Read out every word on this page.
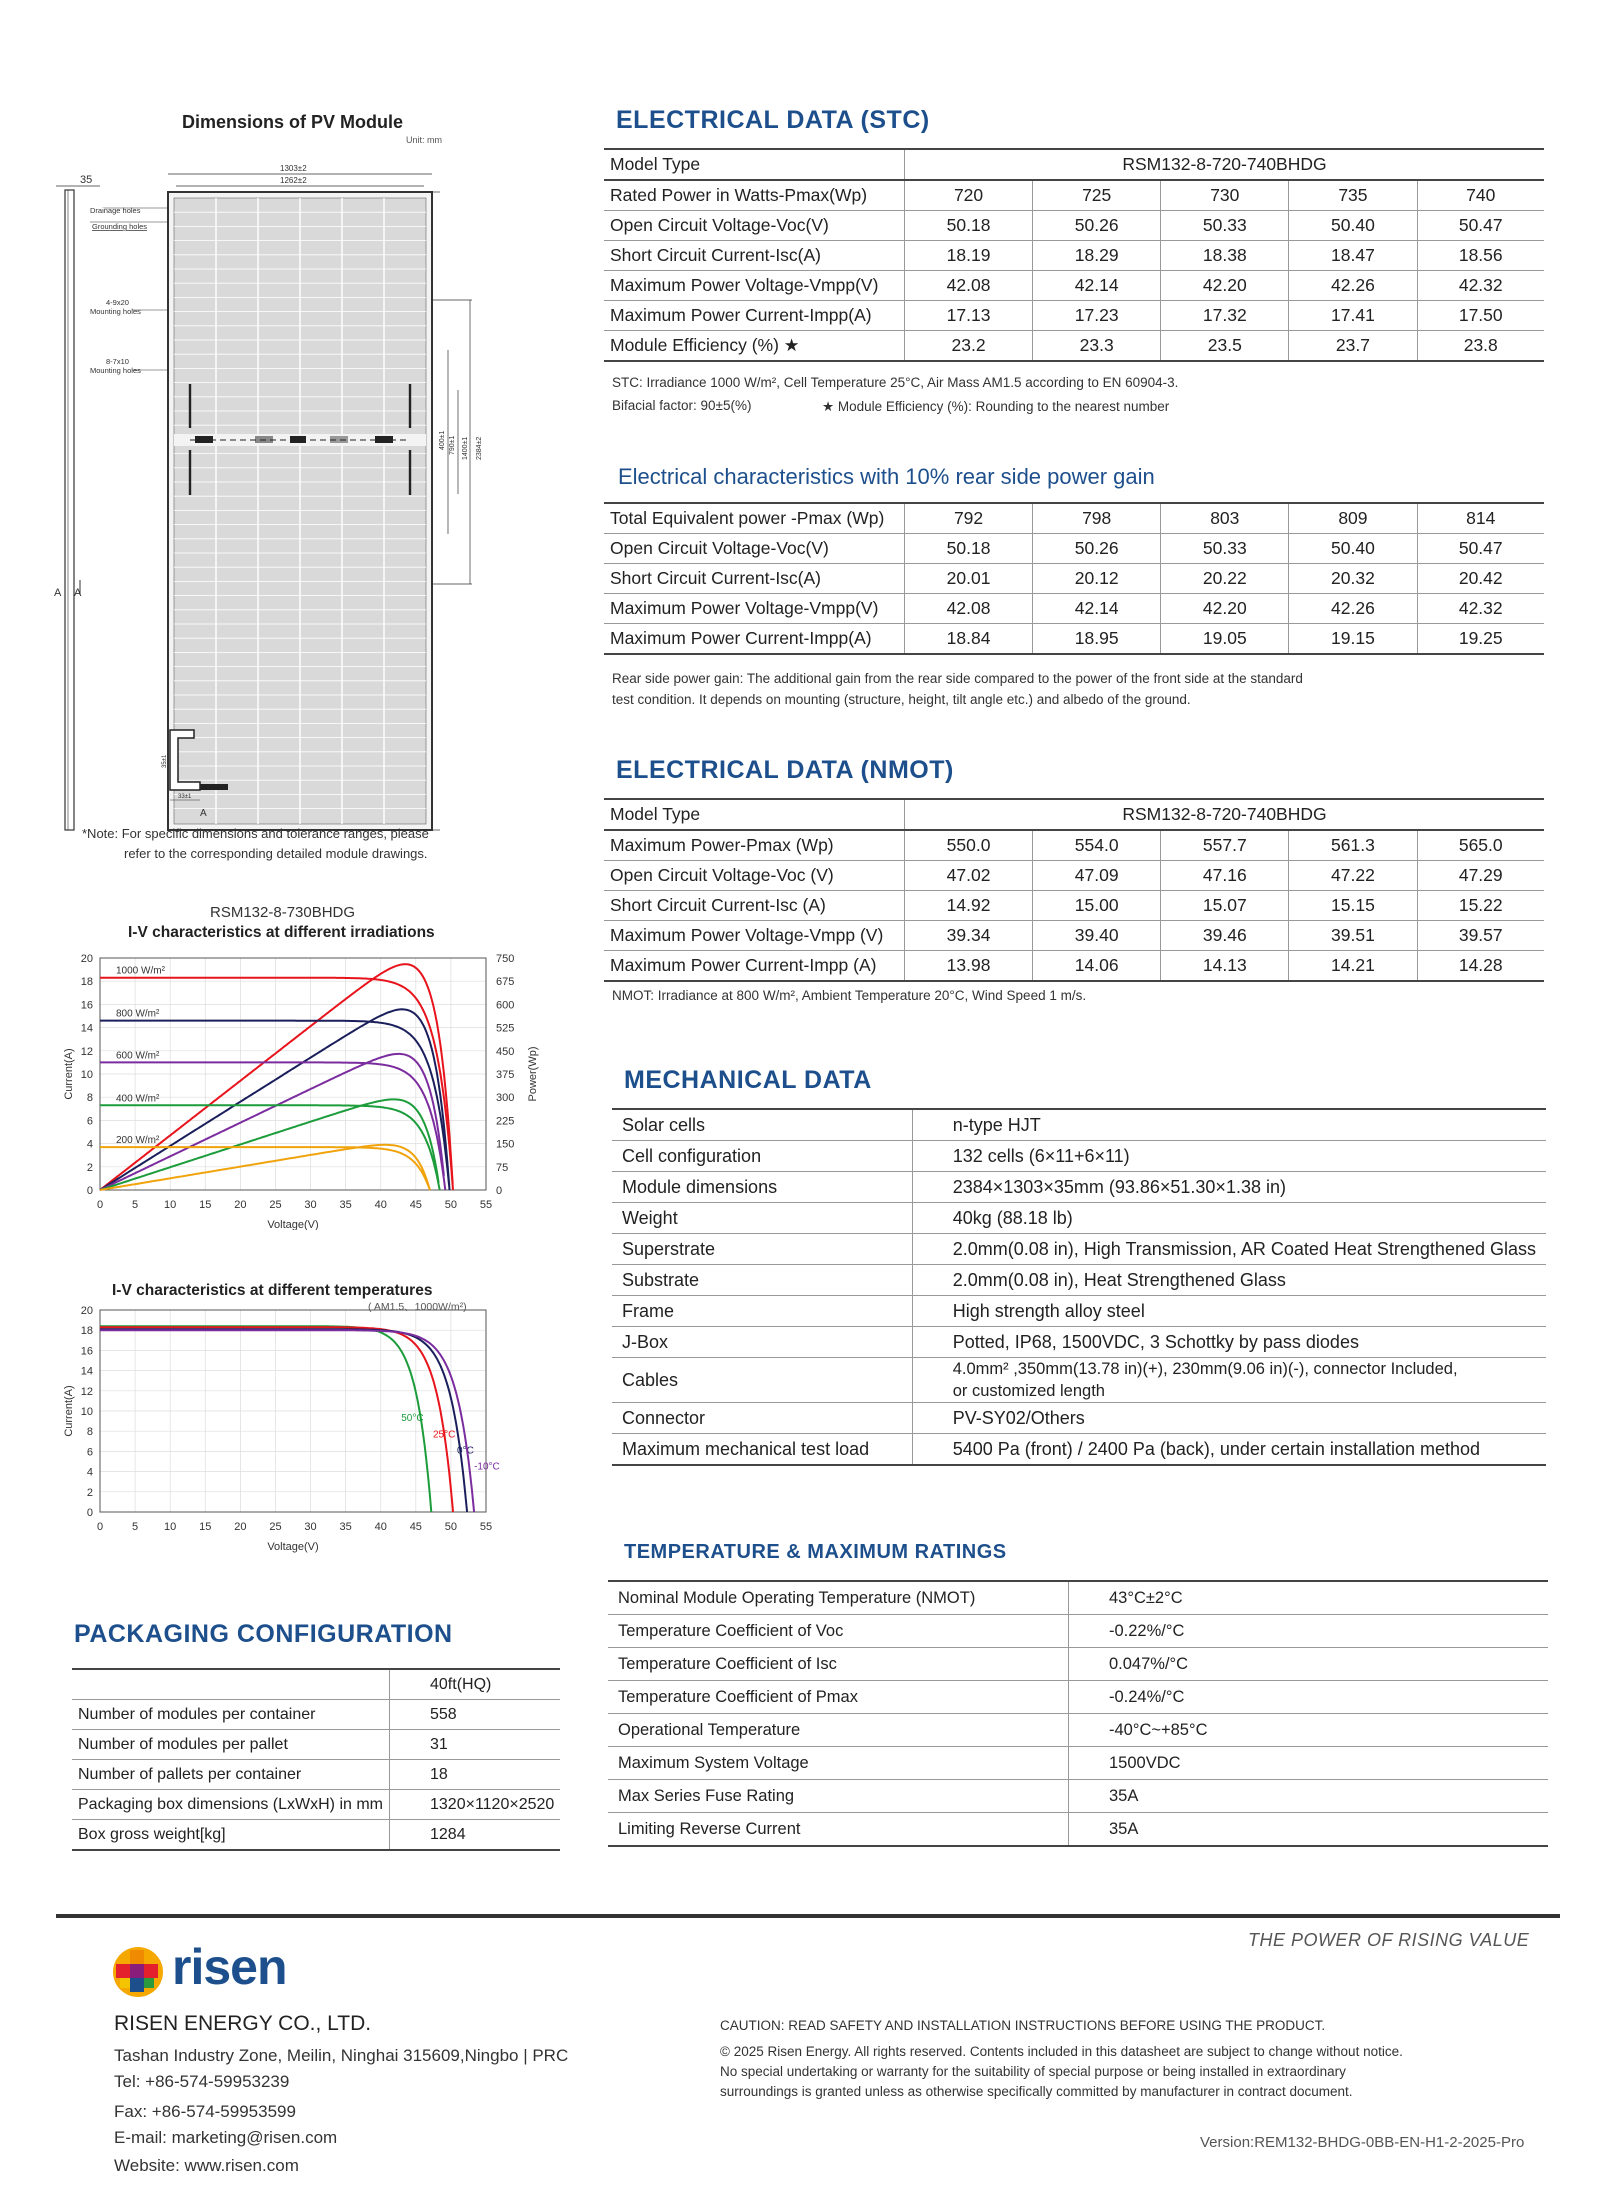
Dimensions of PV Module
Unit: mm
35
A A
1303±2
1262±2
Drainage holes
Grounding holes
4-9x20 Mounting holes
8-7x10 Mounting holes
400±1 790±1 1400±1 2384±2
35±1
33±1
A
*Note: For specific dimensions and tolerance ranges, please
refer to the corresponding detailed module drawings.
RSM132-8-730BHDG
I-V characteristics at different irradiations
0
2
4
6
8
10
12
14
16
18
20
0	5 10 15 20 25 30 35 40 45 50 55
Voltage(V)
Current(A)
0
75
150
225
300
375
450
525
600
675
750
Power(Wp)
1000 W/m²
800 W/m²
600 W/m²
400 W/m²
200 W/m²
I-V characteristics at different temperatures
( AM1.5、1000W/m²)
0
2
4
6
8
10
12
14
16
18
20
0	5 10 15 20 25 30 35 40 45 50 55
Voltage(V)
Current(A)	50°C
25°C
0°C
-10°C
PACKAGING CONFIGURATION
	40ft(HQ)
Number of modules per container	558
Number of modules per pallet	31
Number of pallets per container	18
Packaging box dimensions (LxWxH) in mm	1320×1120×2520
Box gross weight[kg]	1284
ELECTRICAL DATA (STC)
Model Type	RSM132-8-720-740BHDG				
Rated Power in Watts-Pmax(Wp)	720	725	730	735	740
Open Circuit Voltage-Voc(V)	50.18	50.26	50.33	50.40	50.47
Short Circuit Current-Isc(A)	18.19	18.29	18.38	18.47	18.56
Maximum Power Voltage-Vmpp(V)	42.08	42.14	42.20	42.26	42.32
Maximum Power Current-Impp(A)	17.13	17.23	17.32	17.41	17.50
Module Efficiency (%) ★	23.2	23.3	23.5	23.7	23.8
STC: Irradiance 1000 W/m², Cell Temperature 25°C, Air Mass AM1.5 according to EN 60904-3.
Bifacial factor: 90±5(%)	★ Module Efficiency (%): Rounding to the nearest number
Electrical characteristics with 10% rear side power gain
Total Equivalent power -Pmax (Wp)	792	798	803	809	814
Open Circuit Voltage-Voc(V)	50.18	50.26	50.33	50.40	50.47
Short Circuit Current-Isc(A)	20.01	20.12	20.22	20.32	20.42
Maximum Power Voltage-Vmpp(V)	42.08	42.14	42.20	42.26	42.32
Maximum Power Current-Impp(A)	18.84	18.95	19.05	19.15	19.25
Rear side power gain: The additional gain from the rear side compared to the power of the front side at the standard
test condition. It depends on mounting (structure, height, tilt angle etc.) and albedo of the ground.
ELECTRICAL DATA (NMOT)
Model Type	RSM132-8-720-740BHDG				
Maximum Power-Pmax (Wp)	550.0	554.0	557.7	561.3	565.0
Open Circuit Voltage-Voc (V)	47.02	47.09	47.16	47.22	47.29
Short Circuit Current-Isc (A)	14.92	15.00	15.07	15.15	15.22
Maximum Power Voltage-Vmpp (V)	39.34	39.40	39.46	39.51	39.57
Maximum Power Current-Impp (A)	13.98	14.06	14.13	14.21	14.28
NMOT: Irradiance at 800 W/m², Ambient Temperature 20°C, Wind Speed 1 m/s.
MECHANICAL DATA
Solar cells	n-type HJT
Cell configuration	132 cells (6×11+6×11)
Module dimensions	2384×1303×35mm (93.86×51.30×1.38 in)
Weight	40kg (88.18 lb)
Superstrate	2.0mm(0.08 in), High Transmission, AR Coated Heat Strengthened Glass
Substrate	2.0mm(0.08 in), Heat Strengthened Glass
Frame	High strength alloy steel
J-Box	Potted, IP68, 1500VDC, 3 Schottky by pass diodes
Cables	4.0mm² ,350mm(13.78 in)(+), 230mm(9.06 in)(-), connector Included,
or customized length

Connector	PV-SY02/Others
Maximum mechanical test load	5400 Pa (front) / 2400 Pa (back), under certain installation method
TEMPERATURE & MAXIMUM RATINGS
Nominal Module Operating Temperature (NMOT)	43°C±2°C
Temperature Coefficient of Voc	-0.22%/°C
Temperature Coefficient of Isc	0.047%/°C
Temperature Coefficient of Pmax	-0.24%/°C
Operational Temperature	-40°C~+85°C
Maximum System Voltage	1500VDC
Max Series Fuse Rating	35A
Limiting Reverse Current	35A
THE POWER OF RISING VALUE
risen
RISEN ENERGY CO., LTD.
Tashan Industry Zone, Meilin, Ninghai 315609,Ningbo | PRC
Tel: +86-574-59953239
Fax: +86-574-59953599
E-mail: marketing@risen.com
Website: www.risen.com
CAUTION: READ SAFETY AND INSTALLATION INSTRUCTIONS BEFORE USING THE PRODUCT.
© 2025 Risen Energy. All rights reserved. Contents included in this datasheet are subject to change without notice.
No special undertaking or warranty for the suitability of special purpose or being installed in extraordinary
surroundings is granted unless as otherwise specifically committed by manufacturer in contract document.
Version:REM132-BHDG-0BB-EN-H1-2-2025-Pro
